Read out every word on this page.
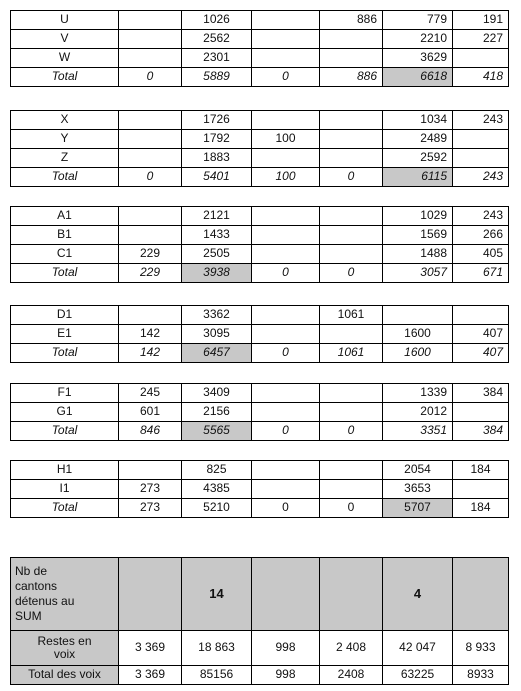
U		1026		886	779	191
V		2562			2210	227
W		2301			3629	
Total	0	5889	0	886	6618	418
X		1726			1034	243
Y		1792	100		2489	
Z		1883			2592	
Total	0	5401	100	0	6115	243
A1		2121			1029	243
B1		1433			1569	266
C1	229	2505			1488	405
Total	229	3938	0	0	3057	671
D1		3362		1061		
E1	142	3095			1600	407
Total	142	6457	0	1061	1600	407
F1	245	3409			1339	384
G1	601	2156			2012	
Total	846	5565	0	0	3351	384
H1		825			2054	184
I1	273	4385			3653	
Total	273	5210	0	0	5707	184
Nb de
cantons
détenus au
SUM		14			4	
Restes en
voix	3 369	18 863	998	2 408	42 047	8 933
Total des voix	3 369	85156	998	2408	63225	8933
